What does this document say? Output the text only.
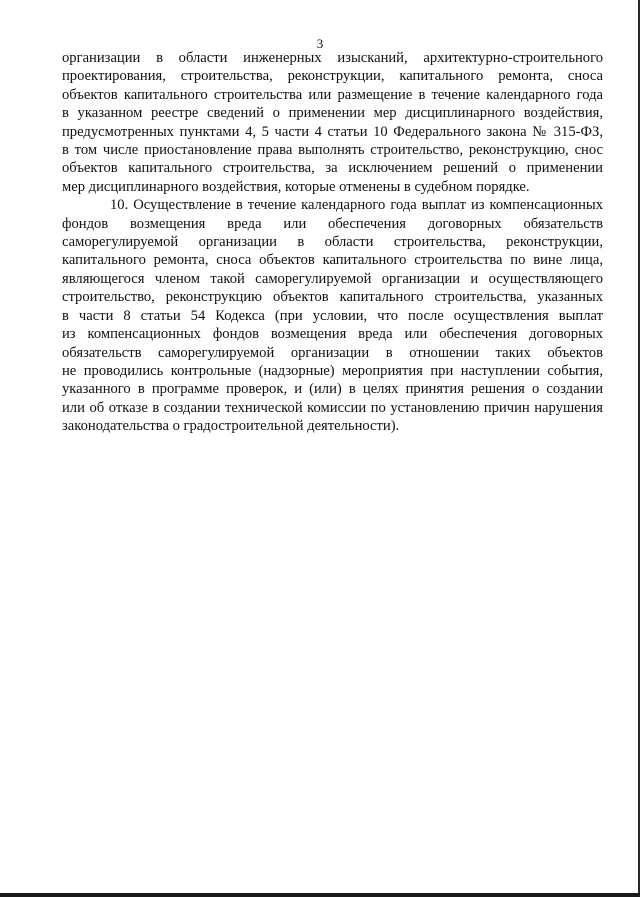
3
организации в области инженерных изысканий, архитектурно-строительного
проектирования, строительства, реконструкции, капитального ремонта, сноса
объектов капитального строительства или размещение в течение календарного года
в указанном реестре сведений о применении мер дисциплинарного воздействия,
предусмотренных пунктами 4, 5 части 4 статьи 10 Федерального закона № 315-ФЗ,
в том числе приостановление права выполнять строительство, реконструкцию, снос
объектов капитального строительства, за исключением решений о применении
мер дисциплинарного воздействия, которые отменены в судебном порядке.
10. Осуществление в течение календарного года выплат из компенсационных
фондов возмещения вреда или обеспечения договорных обязательств
саморегулируемой организации в области строительства, реконструкции,
капитального ремонта, сноса объектов капитального строительства по вине лица,
являющегося членом такой саморегулируемой организации и осуществляющего
строительство, реконструкцию объектов капитального строительства, указанных
в части 8 статьи 54 Кодекса (при условии, что после осуществления выплат
из компенсационных фондов возмещения вреда или обеспечения договорных
обязательств саморегулируемой организации в отношении таких объектов
не проводились контрольные (надзорные) мероприятия при наступлении события,
указанного в программе проверок, и (или) в целях принятия решения о создании
или об отказе в создании технической комиссии по установлению причин нарушения
законодательства о градостроительной деятельности).
